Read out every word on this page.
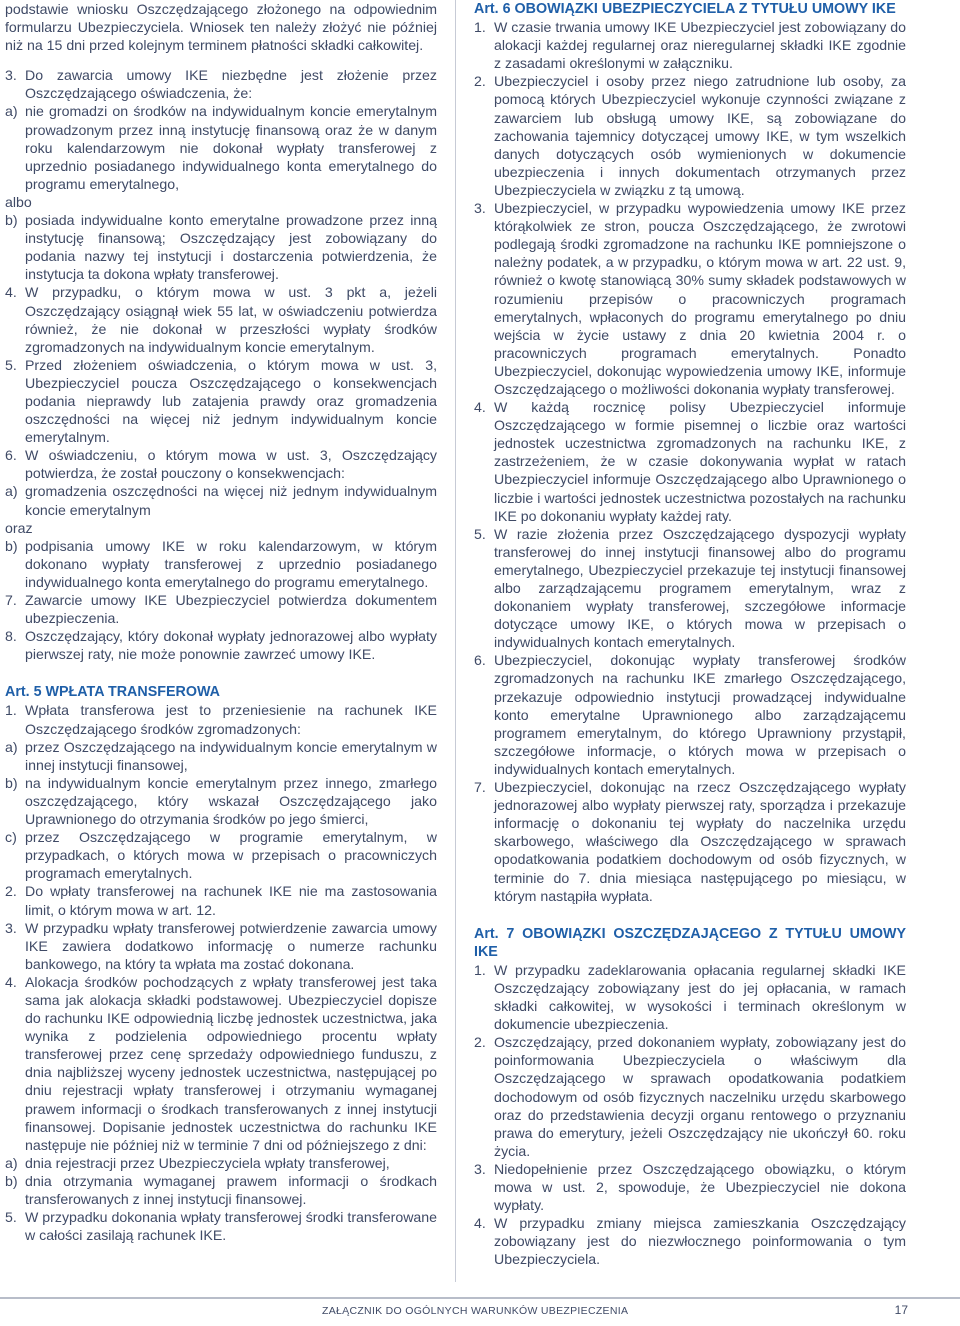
podstawie wniosku Oszczędzającego złożonego na odpowiednim formularzu Ubezpieczyciela. Wniosek ten należy złożyć nie później niż na 15 dni przed kolejnym terminem płatności składki całkowitej.

3. Do zawarcia umowy IKE niezbędne jest złożenie przez Oszczędzającego oświadczenia, że:

a) nie gromadzi on środków na indywidualnym koncie emerytalnym prowadzonym przez inną instytucję finansową oraz że w danym roku kalendarzowym nie dokonał wypłaty transferowej z uprzednio posiadanego indywidualnego konta emerytalnego do programu emerytalnego,

albo

b) posiada indywidualne konto emerytalne prowadzone przez inną instytucję finansową; Oszczędzający jest zobowiązany do podania nazwy tej instytucji i dostarczenia potwierdzenia, że instytucja ta dokona wpłaty transferowej.

4. W przypadku, o którym mowa w ust. 3 pkt a, jeżeli Oszczędzający osiągnął wiek 55 lat, w oświadczeniu potwierdza również, że nie dokonał w przeszłości wypłaty środków zgromadzonych na indywidualnym koncie emerytalnym.

5. Przed złożeniem oświadczenia, o którym mowa w ust. 3, Ubezpieczyciel poucza Oszczędzającego o konsekwencjach podania nieprawdy lub zatajenia prawdy oraz gromadzenia oszczędności na więcej niż jednym indywidualnym koncie emerytalnym.

6. W oświadczeniu, o którym mowa w ust. 3, Oszczędzający potwierdza, że został pouczony o konsekwencjach:

a) gromadzenia oszczędności na więcej niż jednym indywidualnym koncie emerytalnym

oraz

b) podpisania umowy IKE w roku kalendarzowym, w którym dokonano wypłaty transferowej z uprzednio posiadanego indywidualnego konta emerytalnego do programu emerytalnego.

7. Zawarcie umowy IKE Ubezpieczyciel potwierdza dokumentem ubezpieczenia.

8. Oszczędzający, który dokonał wypłaty jednorazowej albo wypłaty pierwszej raty, nie może ponownie zawrzeć umowy IKE.

Art. 5 WPŁATA TRANSFEROWA

1. Wpłata transferowa jest to przeniesienie na rachunek IKE Oszczędzającego środków zgromadzonych:

a) przez Oszczędzającego na indywidualnym koncie emerytalnym w innej instytucji finansowej,

b) na indywidualnym koncie emerytalnym przez innego, zmarłego oszczędzającego, który wskazał Oszczędzającego jako Uprawnionego do otrzymania środków po jego śmierci,

c) przez Oszczędzającego w programie emerytalnym, w przypadkach, o których mowa w przepisach o pracowniczych programach emerytalnych.

2. Do wpłaty transferowej na rachunek IKE nie ma zastosowania limit, o którym mowa w art. 12.

3. W przypadku wpłaty transferowej potwierdzenie zawarcia umowy IKE zawiera dodatkowo informację o numerze rachunku bankowego, na który ta wpłata ma zostać dokonana.

4. Alokacja środków pochodzących z wpłaty transferowej jest taka sama jak alokacja składki podstawowej. Ubezpieczyciel dopisze do rachunku IKE odpowiednią liczbę jednostek uczestnictwa, jaka wynika z podzielenia odpowiedniego procentu wpłaty transferowej przez cenę sprzedaży odpowiedniego funduszu, z dnia najbliższej wyceny jednostek uczestnictwa, następującej po dniu rejestracji wpłaty transferowej i otrzymaniu wymaganej prawem informacji o środkach transferowanych z innej instytucji finansowej. Dopisanie jednostek uczestnictwa do rachunku IKE następuje nie później niż w terminie 7 dni od późniejszego z dni:

a) dnia rejestracji przez Ubezpieczyciela wpłaty transferowej,

b) dnia otrzymania wymaganej prawem informacji o środkach transferowanych z innej instytucji finansowej.

5. W przypadku dokonania wpłaty transferowej środki transferowane w całości zasilają rachunek IKE.

Art. 6 OBOWIĄZKI UBEZPIECZYCIELA Z TYTUŁU UMOWY IKE

1. W czasie trwania umowy IKE Ubezpieczyciel jest zobowiązany do alokacji każdej regularnej oraz nieregularnej składki IKE zgodnie z zasadami określonymi w załączniku.

2. Ubezpieczyciel i osoby przez niego zatrudnione lub osoby, za pomocą których Ubezpieczyciel wykonuje czynności związane z zawarciem lub obsługą umowy IKE, są zobowiązane do zachowania tajemnicy dotyczącej umowy IKE, w tym wszelkich danych dotyczących osób wymienionych w dokumencie ubezpieczenia i innych dokumentach otrzymanych przez Ubezpieczyciela w związku z tą umową.

3. Ubezpieczyciel, w przypadku wypowiedzenia umowy IKE przez którąkolwiek ze stron, poucza Oszczędzającego, że zwrotowi podlegają środki zgromadzone na rachunku IKE pomniejszone o należny podatek, a w przypadku, o którym mowa w art. 22 ust. 9, również o kwotę stanowiącą 30% sumy składek podstawowych w rozumieniu przepisów o pracowniczych programach emerytalnych, wpłaconych do programu emerytalnego po dniu wejścia w życie ustawy z dnia 20 kwietnia 2004 r. o pracowniczych programach emerytalnych. Ponadto Ubezpieczyciel, dokonując wypowiedzenia umowy IKE, informuje Oszczędzającego o możliwości dokonania wypłaty transferowej.

4. W każdą rocznicę polisy Ubezpieczyciel informuje Oszczędzającego w formie pisemnej o liczbie oraz wartości jednostek uczestnictwa zgromadzonych na rachunku IKE, z zastrzeżeniem, że w czasie dokonywania wypłat w ratach Ubezpieczyciel informuje Oszczędzającego albo Uprawnionego o liczbie i wartości jednostek uczestnictwa pozostałych na rachunku IKE po dokonaniu wypłaty każdej raty.

5. W razie złożenia przez Oszczędzającego dyspozycji wypłaty transferowej do innej instytucji finansowej albo do programu emerytalnego, Ubezpieczyciel przekazuje tej instytucji finansowej albo zarządzającemu programem emerytalnym, wraz z dokonaniem wypłaty transferowej, szczegółowe informacje dotyczące umowy IKE, o których mowa w przepisach o indywidualnych kontach emerytalnych.

6. Ubezpieczyciel, dokonując wypłaty transferowej środków zgromadzonych na rachunku IKE zmarłego Oszczędzającego, przekazuje odpowiednio instytucji prowadzącej indywidualne konto emerytalne Uprawnionego albo zarządzającemu programem emerytalnym, do którego Uprawniony przystąpił, szczegółowe informacje, o których mowa w przepisach o indywidualnych kontach emerytalnych.

7. Ubezpieczyciel, dokonując na rzecz Oszczędzającego wypłaty jednorazowej albo wypłaty pierwszej raty, sporządza i przekazuje informację o dokonaniu tej wypłaty do naczelnika urzędu skarbowego, właściwego dla Oszczędzającego w sprawach opodatkowania podatkiem dochodowym od osób fizycznych, w terminie do 7. dnia miesiąca następującego po miesiącu, w którym nastąpiła wypłata.

Art. 7 OBOWIĄZKI OSZCZĘDZAJĄCEGO Z TYTUŁU UMOWY IKE

1. W przypadku zadeklarowania opłacania regularnej składki IKE Oszczędzający zobowiązany jest do jej opłacania, w ramach składki całkowitej, w wysokości i terminach określonym w dokumencie ubezpieczenia.

2. Oszczędzający, przed dokonaniem wypłaty, zobowiązany jest do poinformowania Ubezpieczyciela o właściwym dla Oszczędzającego w sprawach opodatkowania podatkiem dochodowym od osób fizycznych naczelniku urzędu skarbowego oraz do przedstawienia decyzji organu rentowego o przyznaniu prawa do emerytury, jeżeli Oszczędzający nie ukończył 60. roku życia.

3. Niedopełnienie przez Oszczędzającego obowiązku, o którym mowa w ust. 2, spowoduje, że Ubezpieczyciel nie dokona wypłaty.

4. W przypadku zmiany miejsca zamieszkania Oszczędzający zobowiązany jest do niezwłocznego poinformowania o tym Ubezpieczyciela.

ZAŁĄCZNIK DO OGÓLNYCH WARUNKÓW UBEZPIECZENIA	17
